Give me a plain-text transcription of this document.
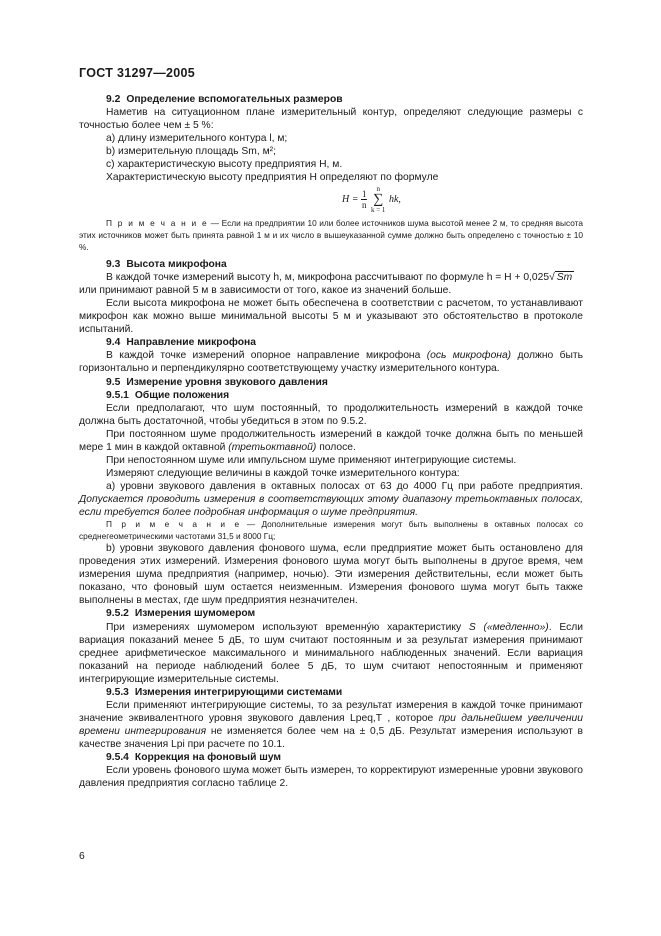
ГОСТ 31297—2005

9.2 Определение вспомогательных размеров

Наметив на ситуационном плане измерительный контур, определяют следующие размеры с точностью более чем ± 5 %:

a) длину измерительного контура l, м;

b) измерительную площадь Sm, м²;

c) характеристическую высоту предприятия H, м.

Характеристическую высоту предприятия H определяют по формуле

$H = \frac{1}{n}$
	n
∑
k = 1
hk,

П р и м е ч а н и е — Если на предприятии 10 или более источников шума высотой менее 2 м, то средняя высота этих источников может быть принята равной 1 м и их число в вышеуказанной сумме должно быть определено с точностью ± 10 %.

9.3 Высота микрофона

В каждой точке измерений высоту h, м, микрофона рассчитывают по формуле h = H + 0,025√ Sm

или принимают равной 5 м в зависимости от того, какое из значений больше.

Если высота микрофона не может быть обеспечена в соответствии с расчетом, то устанавливают микрофон как можно выше минимальной высоты 5 м и указывают это обстоятельство в протоколе испытаний.

9.4 Направление микрофона

В каждой точке измерений опорное направление микрофона (ось микрофона) должно быть горизонтально и перпендикулярно соответствующему участку измерительного контура.

9.5 Измерение уровня звукового давления

9.5.1 Общие положения

Если предполагают, что шум постоянный, то продолжительность измерений в каждой точке должна быть достаточной, чтобы убедиться в этом по 9.5.2.

При постоянном шуме продолжительность измерений в каждой точке должна быть по меньшей мере 1 мин в каждой октавной (третьоктавной) полосе.

При непостоянном шуме или импульсном шуме применяют интегрирующие системы.

Измеряют следующие величины в каждой точке измерительного контура:

a) уровни звукового давления в октавных полосах от 63 до 4000 Гц при работе предприятия. Допускается проводить измерения в соответствующих этому диапазону третьоктавных полосах, если требуется более подробная информация о шуме предприятия.

П р и м е ч а н и е — Дополнительные измерения могут быть выполнены в октавных полосах со среднегеометрическими частотами 31,5 и 8000 Гц;

b) уровни звукового давления фонового шума, если предприятие может быть остановлено для проведения этих измерений. Измерения фонового шума могут быть выполнены в другое время, чем измерения шума предприятия (например, ночью). Эти измерения действительны, если может быть показано, что фоновый шум остается неизменным. Измерения фонового шума могут быть также выполнены в местах, где шум предприятия незначителен.

9.5.2 Измерения шумомером

При измерениях шумомером используют временнýю характеристику S («медленно»). Если вариация показаний менее 5 дБ, то шум считают постоянным и за результат измерения принимают среднее арифметическое максимального и минимального наблюденных значений. Если вариация показаний на периоде наблюдений более 5 дБ, то шум считают непостоянным и применяют интегрирующие измерительные системы.

9.5.3 Измерения интегрирующими системами

Если применяют интегрирующие системы, то за результат измерения в каждой точке принимают значение эквивалентного уровня звукового давления Lpeq,T , которое при дальнейшем увеличении времени интегрирования не изменяется более чем на ± 0,5 дБ. Результат измерения используют в качестве значения Lpi при расчете по 10.1.

9.5.4 Коррекция на фоновый шум

Если уровень фонового шума может быть измерен, то корректируют измеренные уровни звукового давления предприятия согласно таблице 2.

6
